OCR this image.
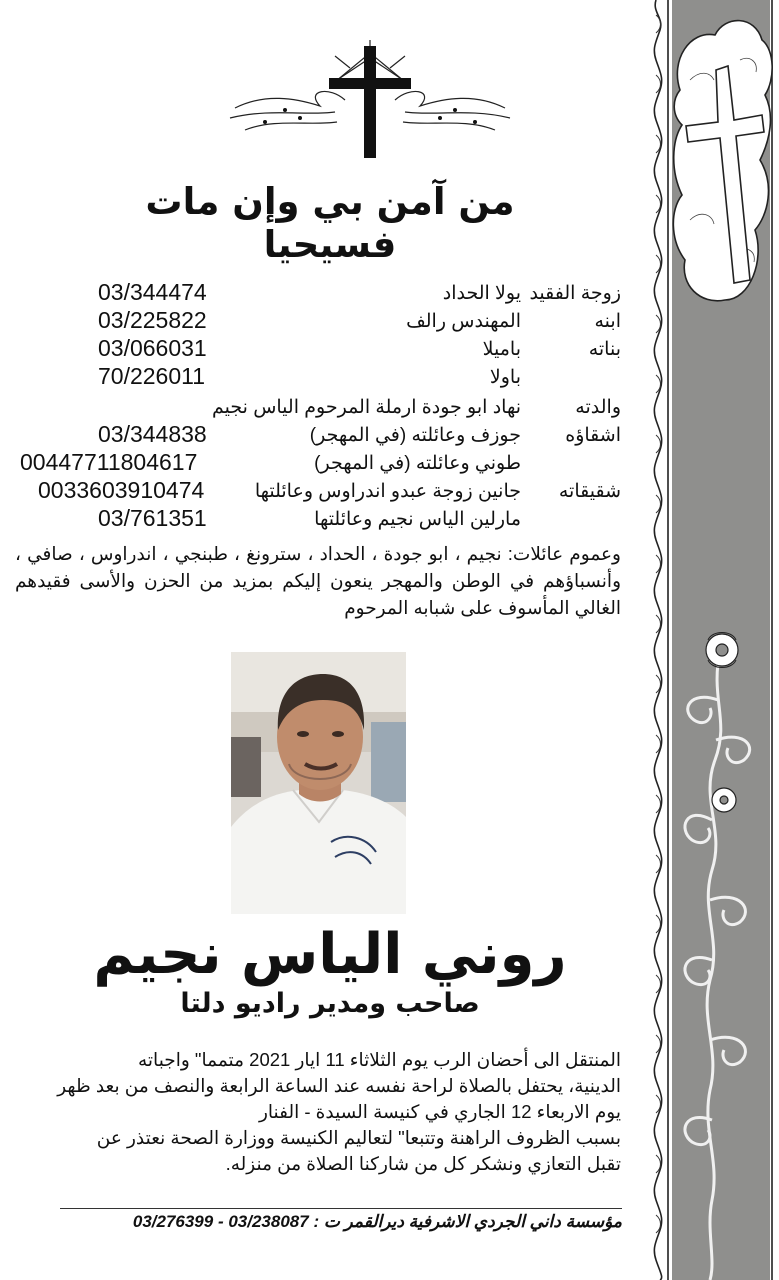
من آمن بي وإن مات فسيحيا
زوجة الفقيد
يولا الحداد
03/344474
ابنه
المهندس رالف
03/225822
بناته
باميلا
03/066031
باولا
70/226011
والدته
نهاد ابو جودة ارملة المرحوم الياس نجيم
اشقاؤه
جوزف وعائلته (في المهجر)
03/344838
طوني وعائلته (في المهجر)
00447711804617
شقيقاته
جانين زوجة عبدو اندراوس وعائلتها
0033603910474
مارلين الياس نجيم وعائلتها
03/761351
وعموم عائلات: نجيم ، ابو جودة ، الحداد ، سترونغ ، طبنجي ، اندراوس ، صافي ، وأنسباؤهم في الوطن والمهجر ينعون إليكم بمزيد من الحزن والأسى فقيدهم الغالي المأسوف على شبابه المرحوم
روني الياس نجيم
صاحب ومدير راديو دلتا
المنتقل الى أحضان الرب يوم الثلاثاء 11 ايار 2021 متمما" واجباته
الدينية، يحتفل بالصلاة لراحة نفسه عند الساعة الرابعة والنصف من بعد ظهر
يوم الاربعاء 12 الجاري في كنيسة السيدة - الفنار
بسبب الظروف الراهنة وتتبعا" لتعاليم الكنيسة ووزارة الصحة نعتذر عن
تقبل التعازي ونشكر كل من شاركنا الصلاة من منزله.
مؤسسة داني الجردي الاشرفية ديرالقمر ت : 03/238087 - 03/276399
